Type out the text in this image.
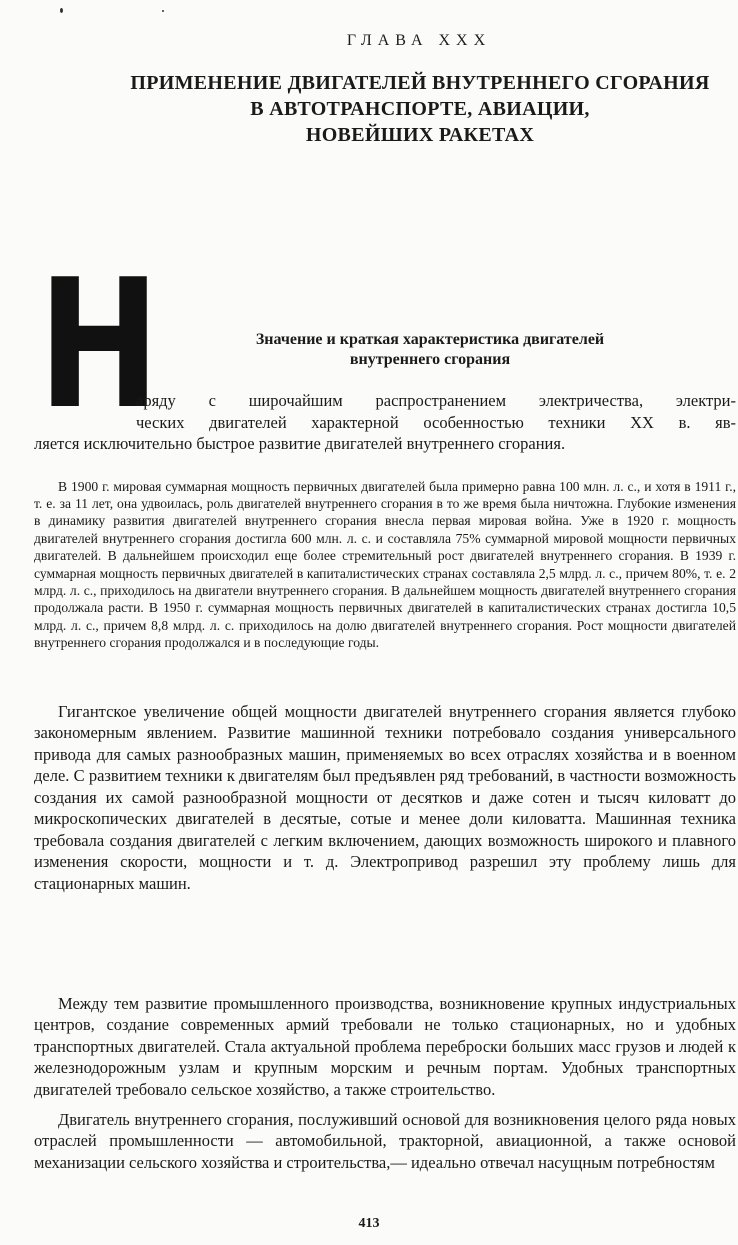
ГЛАВА XXX
ПРИМЕНЕНИЕ ДВИГАТЕЛЕЙ ВНУТРЕННЕГО СГОРАНИЯ
В АВТОТРАНСПОРТЕ, АВИАЦИИ,
НОВЕЙШИХ РАКЕТАХ
Н	Значение и краткая характеристика двигателей
внутреннего сгорания
аряду с широчайшим распространением электричества, электри-
ческих двигателей характерной особенностью техники XX в. яв-
ляется исключительно быстрое развитие двигателей внутреннего сгорания.

В 1900 г. мировая суммарная мощность первичных двигателей была примерно равна 100 млн. л. с., и хотя в 1911 г., т. е. за 11 лет, она удвоилась, роль двигателей внутреннего сгорания в то же время была ничтожна. Глубокие изменения в динамику развития двигателей внутреннего сгорания внесла первая мировая война. Уже в 1920 г. мощность двигателей внутреннего сгорания достигла 600 млн. л. с. и составляла 75% суммарной мировой мощности первичных двигателей. В дальнейшем происходил еще более стремительный рост двигателей внутреннего сгорания. В 1939 г. суммарная мощность первичных двигателей в капиталистических странах составляла 2,5 млрд. л. с., причем 80%, т. е. 2 млрд. л. с., приходилось на двигатели внутреннего сгорания. В дальнейшем мощность двигателей внутреннего сгорания продолжала расти. В 1950 г. суммарная мощность первичных двигателей в капиталистических странах достигла 10,5 млрд. л. с., причем 8,8 млрд. л. с. приходилось на долю двигателей внутреннего сгорания. Рост мощности двигателей внутреннего сгорания продолжался и в последующие годы.

Гигантское увеличение общей мощности двигателей внутреннего сгорания является глубоко закономерным явлением. Развитие машинной техники потребовало создания универсального привода для самых разнообразных машин, применяемых во всех отраслях хозяйства и в военном деле. С развитием техники к двигателям был предъявлен ряд требований, в частности возможность создания их самой разнообразной мощности от десятков и даже сотен и тысяч киловатт до микроскопических двигателей в десятые, сотые и менее доли киловатта. Машинная техника требовала создания двигателей с легким включением, дающих возможность широкого и плавного изменения скорости, мощности и т. д. Электропривод разрешил эту проблему лишь для стационарных машин.

Между тем развитие промышленного производства, возникновение крупных индустриальных центров, создание современных армий требовали не только стационарных, но и удобных транспортных двигателей. Стала актуальной проблема переброски больших масс грузов и людей к железнодорожным узлам и крупным морским и речным портам. Удобных транспортных двигателей требовало сельское хозяйство, а также строительство.

Двигатель внутреннего сгорания, послуживший основой для возникновения целого ряда новых отраслей промышленности — автомобильной, тракторной, авиационной, а также основой механизации сельского хозяйства и строительства,— идеально отвечал насущным потребностям

413
